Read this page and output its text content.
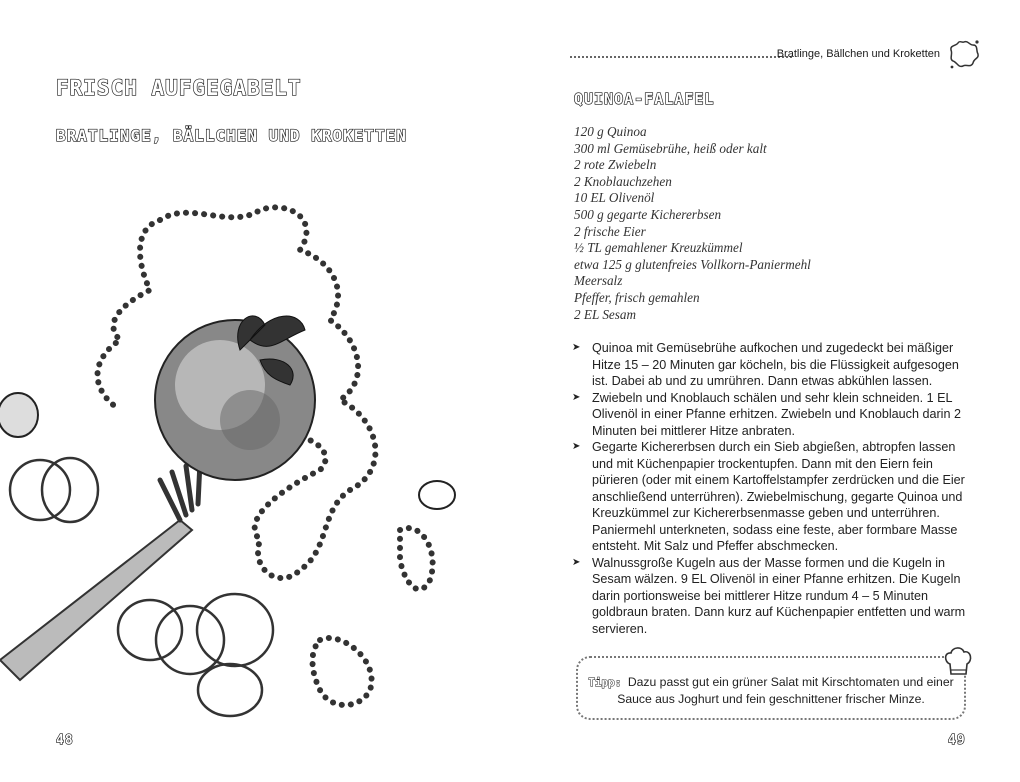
FRISCH AUFGEGABELT
BRATLINGE, BÄLLCHEN UND KROKETTEN
48
Bratlinge, Bällchen und Kroketten
QUINOA-FALAFEL
120 g Quinoa
300 ml Gemüsebrühe, heiß oder kalt
2 rote Zwiebeln
2 Knoblauchzehen
10 EL Olivenöl
500 g gegarte Kichererbsen
2 frische Eier
½ TL gemahlener Kreuzkümmel
etwa 125 g glutenfreies Vollkorn-Paniermehl
Meersalz
Pfeffer, frisch gemahlen
2 EL Sesam
➤ Quinoa mit Gemüsebrühe aufkochen und zugedeckt bei mäßiger Hitze 15 – 20 Minuten gar köcheln, bis die Flüssigkeit aufgesogen ist. Dabei ab und zu umrühren. Dann etwas abkühlen lassen.
➤ Zwiebeln und Knoblauch schälen und sehr klein schneiden. 1 EL Olivenöl in einer Pfanne erhitzen. Zwiebeln und Knoblauch darin 2 Minuten bei mittlerer Hitze anbraten.
➤ Gegarte Kichererbsen durch ein Sieb abgießen, abtropfen lassen und mit Küchenpapier trockentupfen. Dann mit den Eiern fein pürieren (oder mit einem Kartoffelstampfer zerdrücken und die Eier anschließend unterrühren). Zwiebelmischung, gegarte Quinoa und Kreuzkümmel zur Kichererbsenmasse geben und unterrühren. Paniermehl unterkneten, sodass eine feste, aber formbare Masse entsteht. Mit Salz und Pfeffer abschmecken.
➤ Walnussgroße Kugeln aus der Masse formen und die Kugeln in Sesam wälzen. 9 EL Olivenöl in einer Pfanne erhitzen. Die Kugeln darin portionsweise bei mittlerer Hitze rundum 4 – 5 Minuten goldbraun braten. Dann kurz auf Küchenpapier entfetten und warm servieren.
Tipp: Dazu passt gut ein grüner Salat mit Kirschtomaten und einer Sauce aus Joghurt und fein geschnittener frischer Minze.
49
